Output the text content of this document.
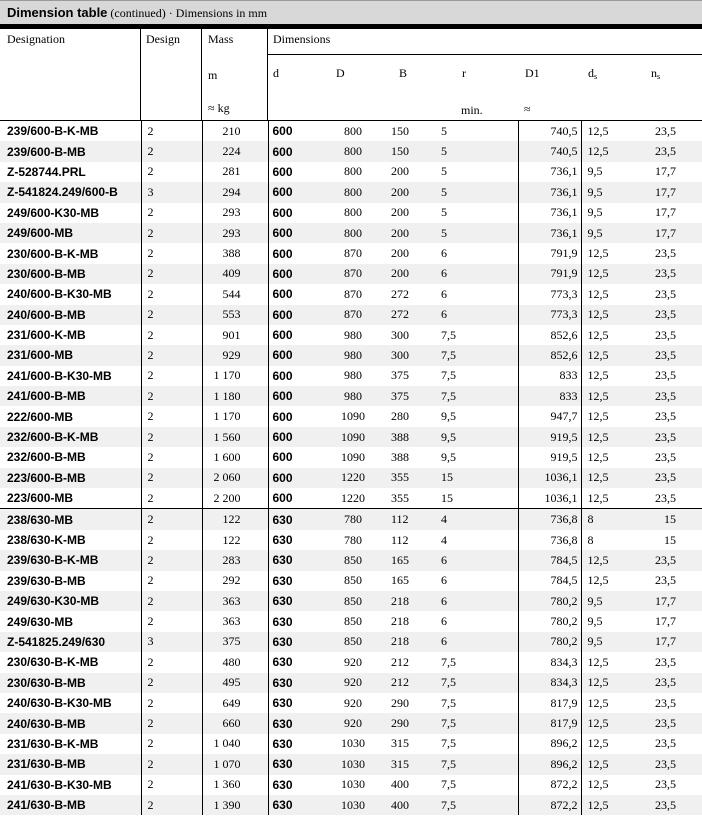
Dimension table (continued) · Dimensions in mm
Designation	Design Mass
m
≈ kg
Dimensions
d	D	B	r
min.
D1
≈
$d_s$	$n_s$
239/600-B-K-MB	2	210	600	800	150	5	740,5	12,5	23,5
239/600-B-MB	2	224	600	800	150	5	740,5	12,5	23,5
Z-528744.PRL	2	281	600	800	200	5	736,1	9,5	17,7
Z-541824.249/600-B	3	294	600	800	200	5	736,1	9,5	17,7
249/600-K30-MB	2	293	600	800	200	5	736,1	9,5	17,7
249/600-MB	2	293	600	800	200	5	736,1	9,5	17,7
230/600-B-K-MB	2	388	600	870	200	6	791,9	12,5	23,5
230/600-B-MB	2	409	600	870	200	6	791,9	12,5	23,5
240/600-B-K30-MB	2	544	600	870	272	6	773,3	12,5	23,5
240/600-B-MB	2	553	600	870	272	6	773,3	12,5	23,5
231/600-K-MB	2	901	600	980	300	7,5	852,6	12,5	23,5
231/600-MB	2	929	600	980	300	7,5	852,6	12,5	23,5
241/600-B-K30-MB	2	1 170	600	980	375	7,5	833	12,5	23,5
241/600-B-MB	2	1 180	600	980	375	7,5	833	12,5	23,5
222/600-MB	2	1 170	600	1090	280	9,5	947,7	12,5	23,5
232/600-B-K-MB	2	1 560	600	1090	388	9,5	919,5	12,5	23,5
232/600-B-MB	2	1 600	600	1090	388	9,5	919,5	12,5	23,5
223/600-B-MB	2	2 060	600	1220	355	15	1036,1	12,5	23,5
223/600-MB	2	2 200	600	1220	355	15	1036,1	12,5	23,5
238/630-MB	2	122	630	780	112	4	736,8	8	15
238/630-K-MB	2	122	630	780	112	4	736,8	8	15
239/630-B-K-MB	2	283	630	850	165	6	784,5	12,5	23,5
239/630-B-MB	2	292	630	850	165	6	784,5	12,5	23,5
249/630-K30-MB	2	363	630	850	218	6	780,2	9,5	17,7
249/630-MB	2	363	630	850	218	6	780,2	9,5	17,7
Z-541825.249/630	3	375	630	850	218	6	780,2	9,5	17,7
230/630-B-K-MB	2	480	630	920	212	7,5	834,3	12,5	23,5
230/630-B-MB	2	495	630	920	212	7,5	834,3	12,5	23,5
240/630-B-K30-MB	2	649	630	920	290	7,5	817,9	12,5	23,5
240/630-B-MB	2	660	630	920	290	7,5	817,9	12,5	23,5
231/630-B-K-MB	2	1 040	630	1030	315	7,5	896,2	12,5	23,5
231/630-B-MB	2	1 070	630	1030	315	7,5	896,2	12,5	23,5
241/630-B-K30-MB	2	1 360	630	1030	400	7,5	872,2	12,5	23,5
241/630-B-MB	2	1 390	630	1030	400	7,5	872,2	12,5	23,5
